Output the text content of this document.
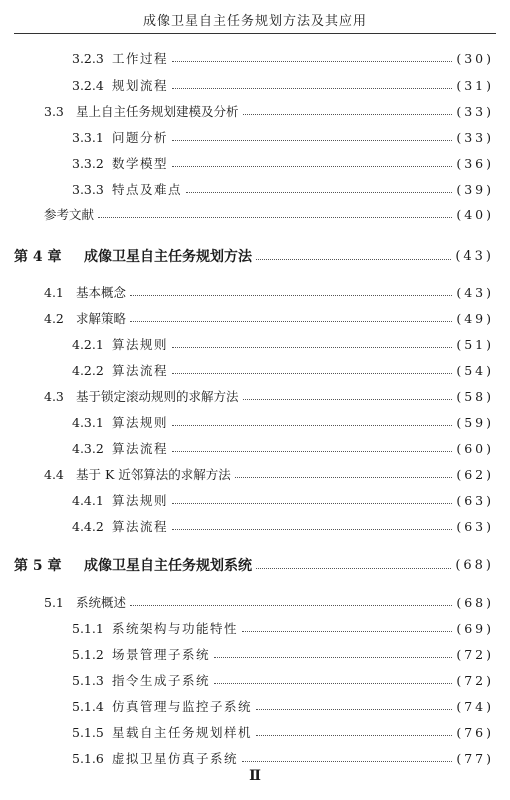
成像卫星自主任务规划方法及其应用
3.2.3 工作过程	(30)
3.2.4 规划流程	(31)
3.3 星上自主任务规划建模及分析	(33)
3.3.1 问题分析	(33)
3.3.2 数学模型	(36)
3.3.3 特点及难点	(39)
参考文献	(40)
第 4 章	成像卫星自主任务规划方法	(43)
4.1 基本概念	(43)
4.2 求解策略	(49)
4.2.1 算法规则	(51)
4.2.2 算法流程	(54)
4.3 基于锁定滚动规则的求解方法	(58)
4.3.1 算法规则	(59)
4.3.2 算法流程	(60)
4.4 基于 K 近邻算法的求解方法	(62)
4.4.1 算法规则	(63)
4.4.2 算法流程	(63)
第 5 章	成像卫星自主任务规划系统	(68)
5.1 系统概述	(68)
5.1.1 系统架构与功能特性	(69)
5.1.2 场景管理子系统	(72)
5.1.3 指令生成子系统	(72)
5.1.4 仿真管理与监控子系统	(74)
5.1.5 星载自主任务规划样机	(76)
5.1.6 虚拟卫星仿真子系统	(77)
Ⅱ
